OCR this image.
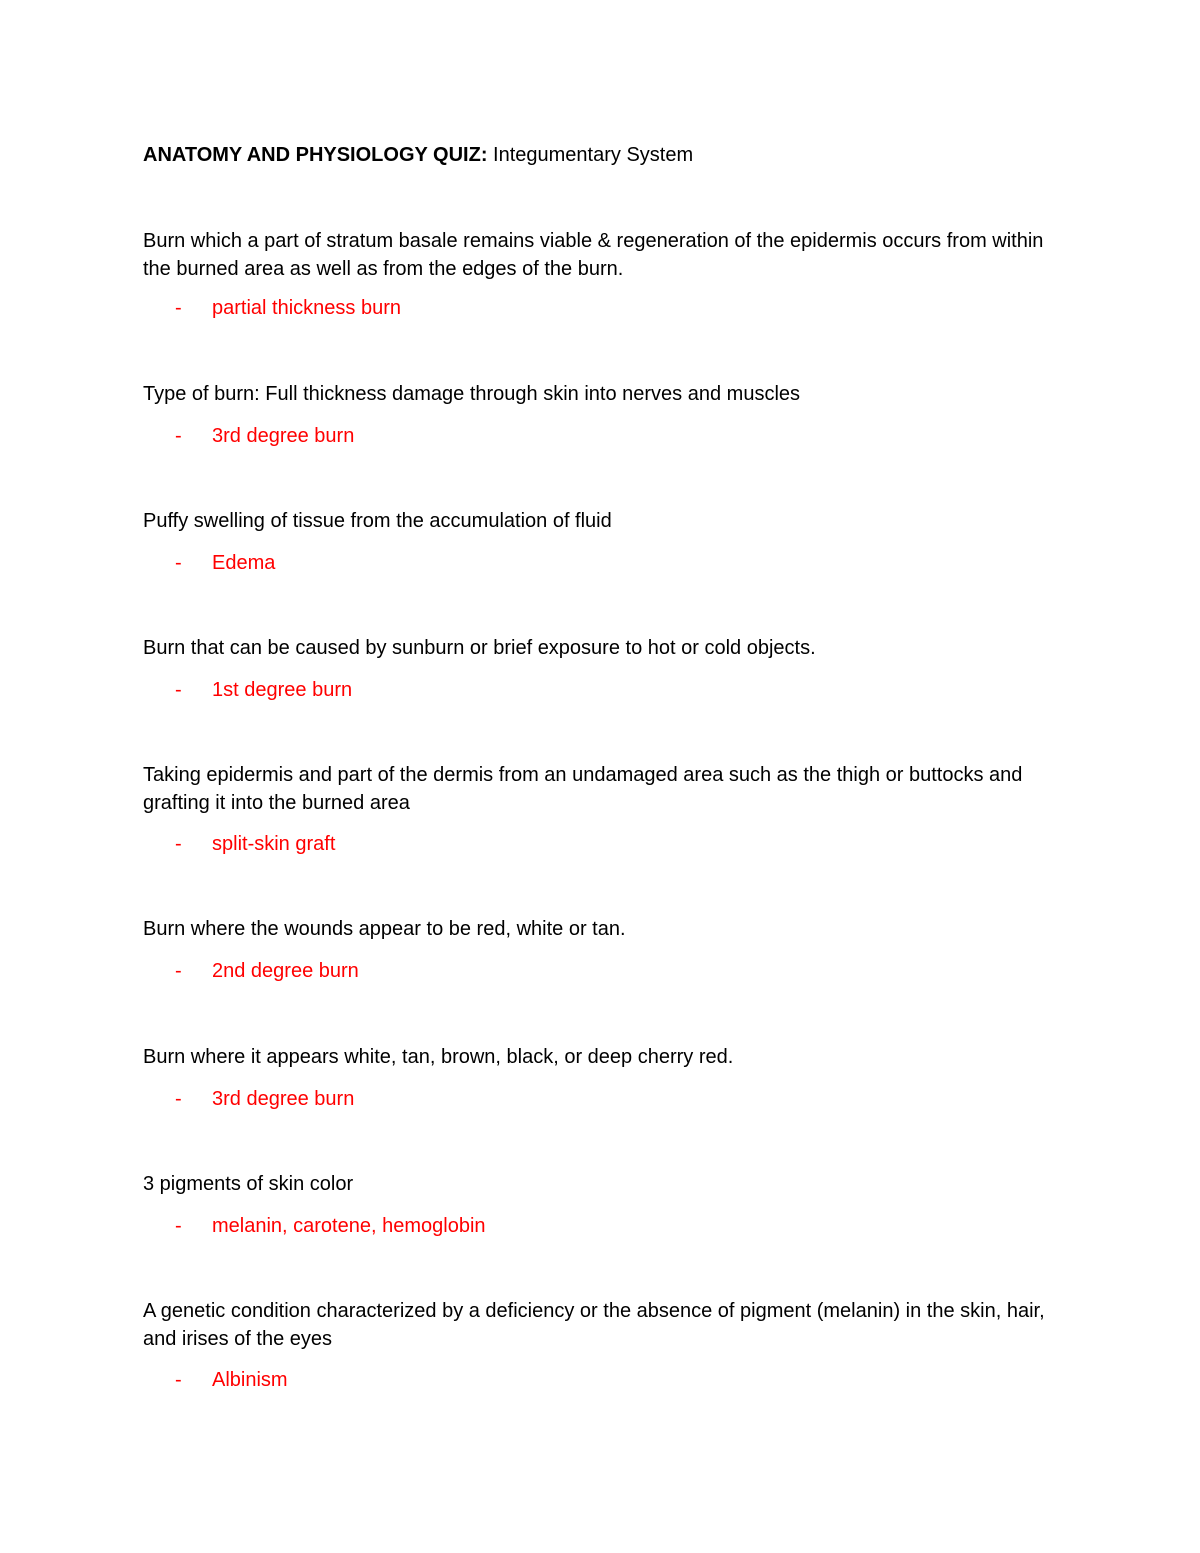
ANATOMY AND PHYSIOLOGY QUIZ: Integumentary System
Burn which a part of stratum basale remains viable & regeneration of the epidermis occurs from within the burned area as well as from the edges of the burn.
- partial thickness burn
Type of burn: Full thickness damage through skin into nerves and muscles
- 3rd degree burn
Puffy swelling of tissue from the accumulation of fluid
- Edema
Burn that can be caused by sunburn or brief exposure to hot or cold objects.
- 1st degree burn
Taking epidermis and part of the dermis from an undamaged area such as the thigh or buttocks and grafting it into the burned area
- split-skin graft
Burn where the wounds appear to be red, white or tan.
- 2nd degree burn
Burn where it appears white, tan, brown, black, or deep cherry red.
- 3rd degree burn
3 pigments of skin color
- melanin, carotene, hemoglobin
A genetic condition characterized by a deficiency or the absence of pigment (melanin) in the skin, hair, and irises of the eyes
- Albinism
